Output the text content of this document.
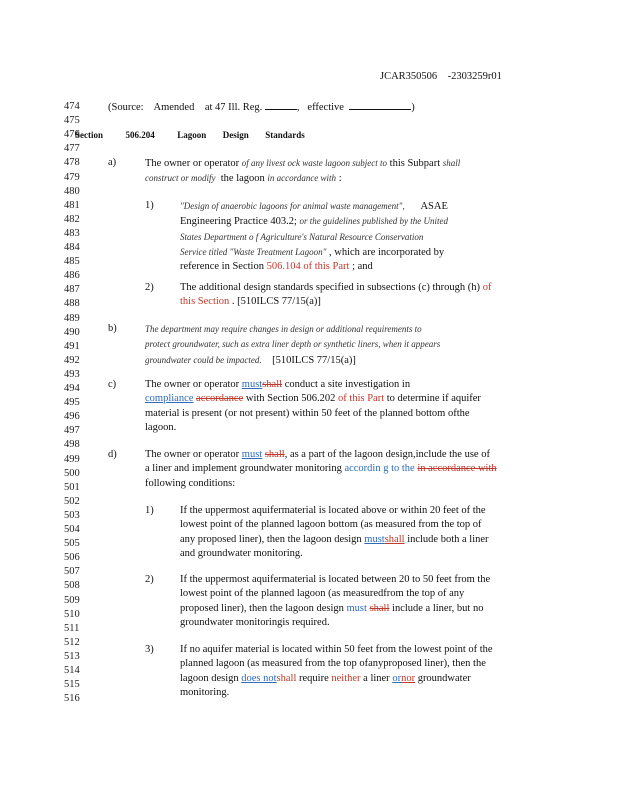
JCAR350506 -2303259r01
474
475
476
477
478
479
480
481
482
483
484
485
486
487
488
489
490
491
492
493
494
495
496
497
498
499
500
501
502
503
504
505
506
507
508
509
510
511
512
513
514
515
516
(Source: Amended at 47 Ill. Reg.	,   effective	)
Section	506.204	Lagoon Design Standards
a)	The owner or operator of any livest ock waste lagoon subject to this Subpart shall
construct or modify the lagoon in accordance with :
1)	"Design of anaerobic lagoons for animal waste management", ASAE
Engineering Practice 403.2; or the guidelines published by the United
States Department o f Agriculture's Natural Resource Conservation
Service titled "Waste Treatment Lagoon" , which are incorporated by
reference in Section 506.104 of this Part ; and
2)	The additional design standards specified in subsections (c) through (h) of
this Section . [510ILCS 77/15(a)]
b)	The department may require changes in design or additional requirements to
protect groundwater, such as extra liner depth or synthetic liners, when it appears
groundwater could be impacted. [510ILCS 77/15(a)]
c)	The owner or operator mustshall conduct a site investigation in
compliance accordance with Section 506.202 of this Part to determine if aquifer
material is present (or not present) within 50 feet of the planned bottom ofthe
lagoon.
d)	The owner or operator must shall, as a part of the lagoon design,include the use of
a liner and implement groundwater monitoring accordin g to the in accordance with
following conditions:
1)	If the uppermost aquifermaterial is located above or within 20 feet of the
lowest point of the planned lagoon bottom (as measured from the top of
any proposed liner), then the lagoon design mustshall include both a liner
and groundwater monitoring.
2)	If the uppermost aquifermaterial is located between 20 to 50 feet from the
lowest point of the planned lagoon (as measuredfrom the top of any
proposed liner), then the lagoon design must shall include a liner, but no
groundwater monitoringis required.
3)	If no aquifer material is located within 50 feet from the lowest point of the
planned lagoon (as measured from the top ofanyproposed liner), then the
lagoon design does notshall require neither a liner ornor groundwater
monitoring.
